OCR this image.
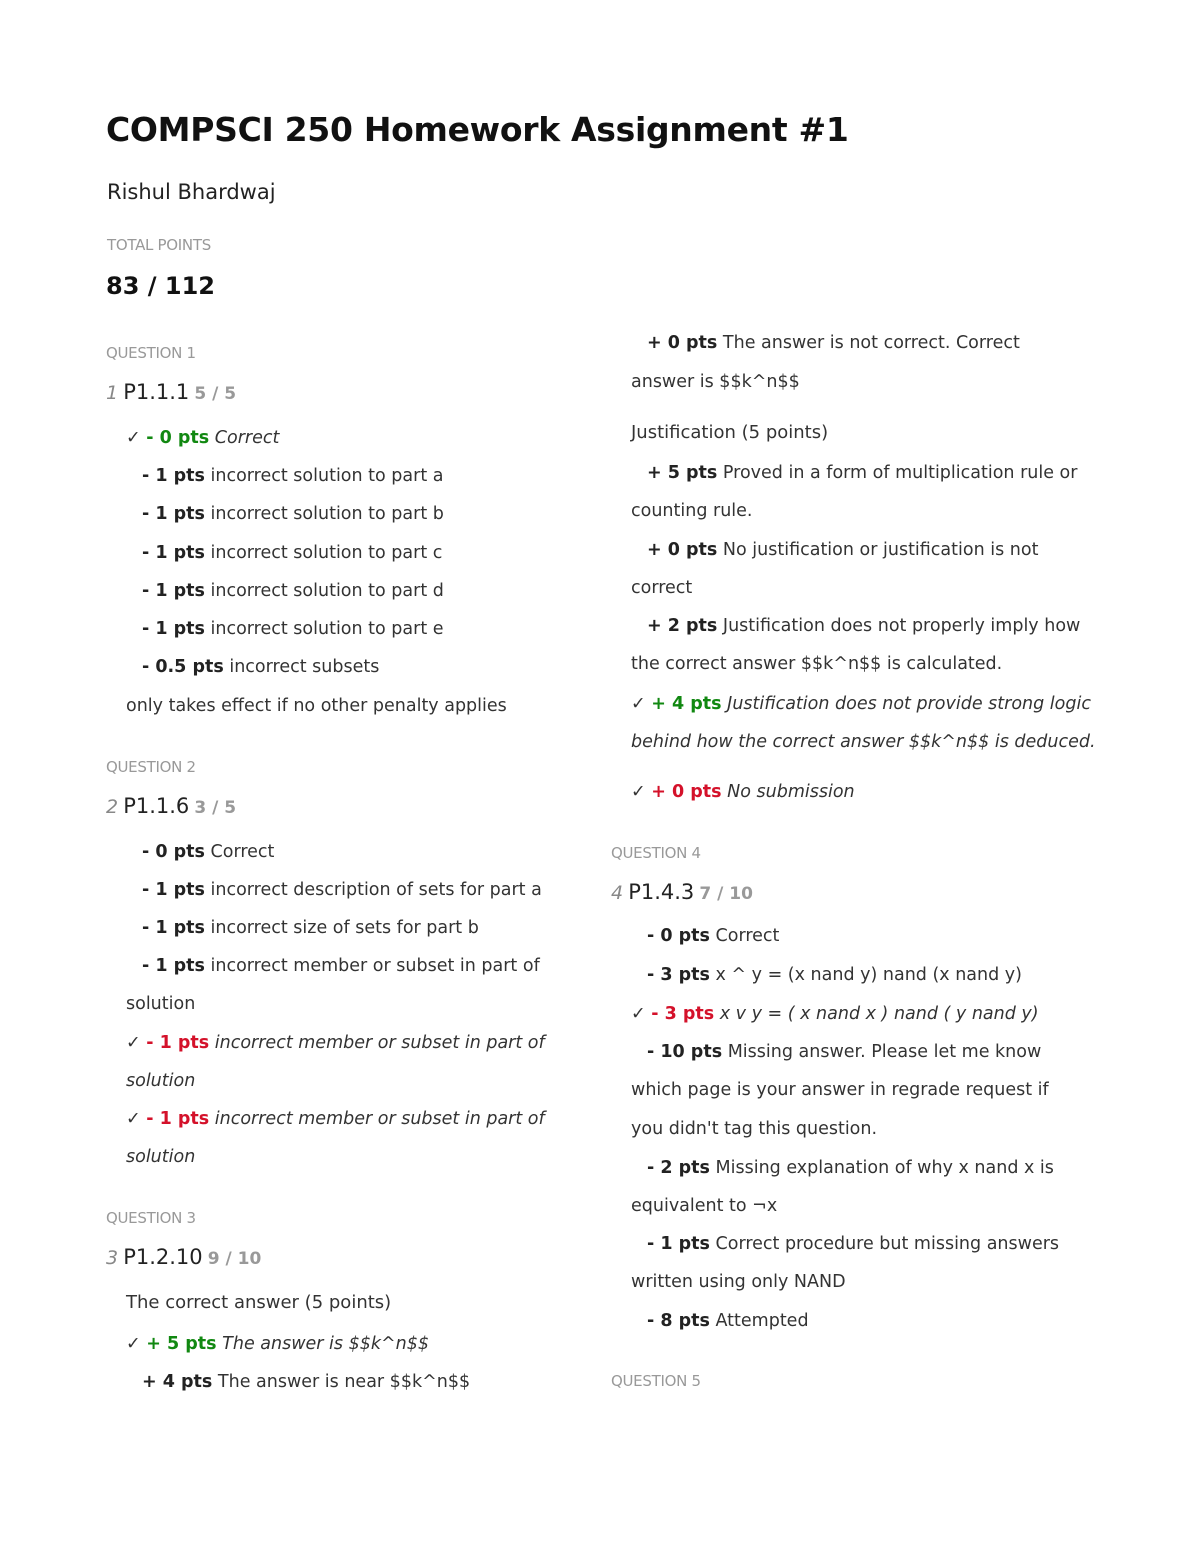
COMPSCI 250 Homework Assignment #1
Rishul Bhardwaj
TOTAL POINTS
83 / 112
QUESTION 1
1 P1.1.1 5 / 5
✓ - 0 pts Correct
- 1 pts incorrect solution to part a
- 1 pts incorrect solution to part b
- 1 pts incorrect solution to part c
- 1 pts incorrect solution to part d
- 1 pts incorrect solution to part e
- 0.5 pts incorrect subsets
only takes effect if no other penalty applies
QUESTION 2
2 P1.1.6 3 / 5
- 0 pts Correct
- 1 pts incorrect description of sets for part a
- 1 pts incorrect size of sets for part b
- 1 pts incorrect member or subset in part of
solution
✓ - 1 pts incorrect member or subset in part of
solution
✓ - 1 pts incorrect member or subset in part of
solution
QUESTION 3
3 P1.2.10 9 / 10
The correct answer (5 points)
✓ + 5 pts The answer is $$k^n$$
+ 4 pts The answer is near $$k^n$$
+ 0 pts The answer is not correct. Correct
answer is $$k^n$$
Justification (5 points)
+ 5 pts Proved in a form of multiplication rule or
counting rule.
+ 0 pts No justification or justification is not
correct
+ 2 pts Justification does not properly imply how
the correct answer $$k^n$$ is calculated.
✓ + 4 pts Justification does not provide strong logic
behind how the correct answer $$k^n$$ is deduced.
✓ + 0 pts No submission
QUESTION 4
4 P1.4.3 7 / 10
- 0 pts Correct
- 3 pts x ^ y = (x nand y) nand (x nand y)
✓ - 3 pts x v y = ( x nand x ) nand ( y nand y)
- 10 pts Missing answer. Please let me know
which page is your answer in regrade request if
you didn't tag this question.
- 2 pts Missing explanation of why x nand x is
equivalent to ¬x
- 1 pts Correct procedure but missing answers
written using only NAND
- 8 pts Attempted
QUESTION 5
